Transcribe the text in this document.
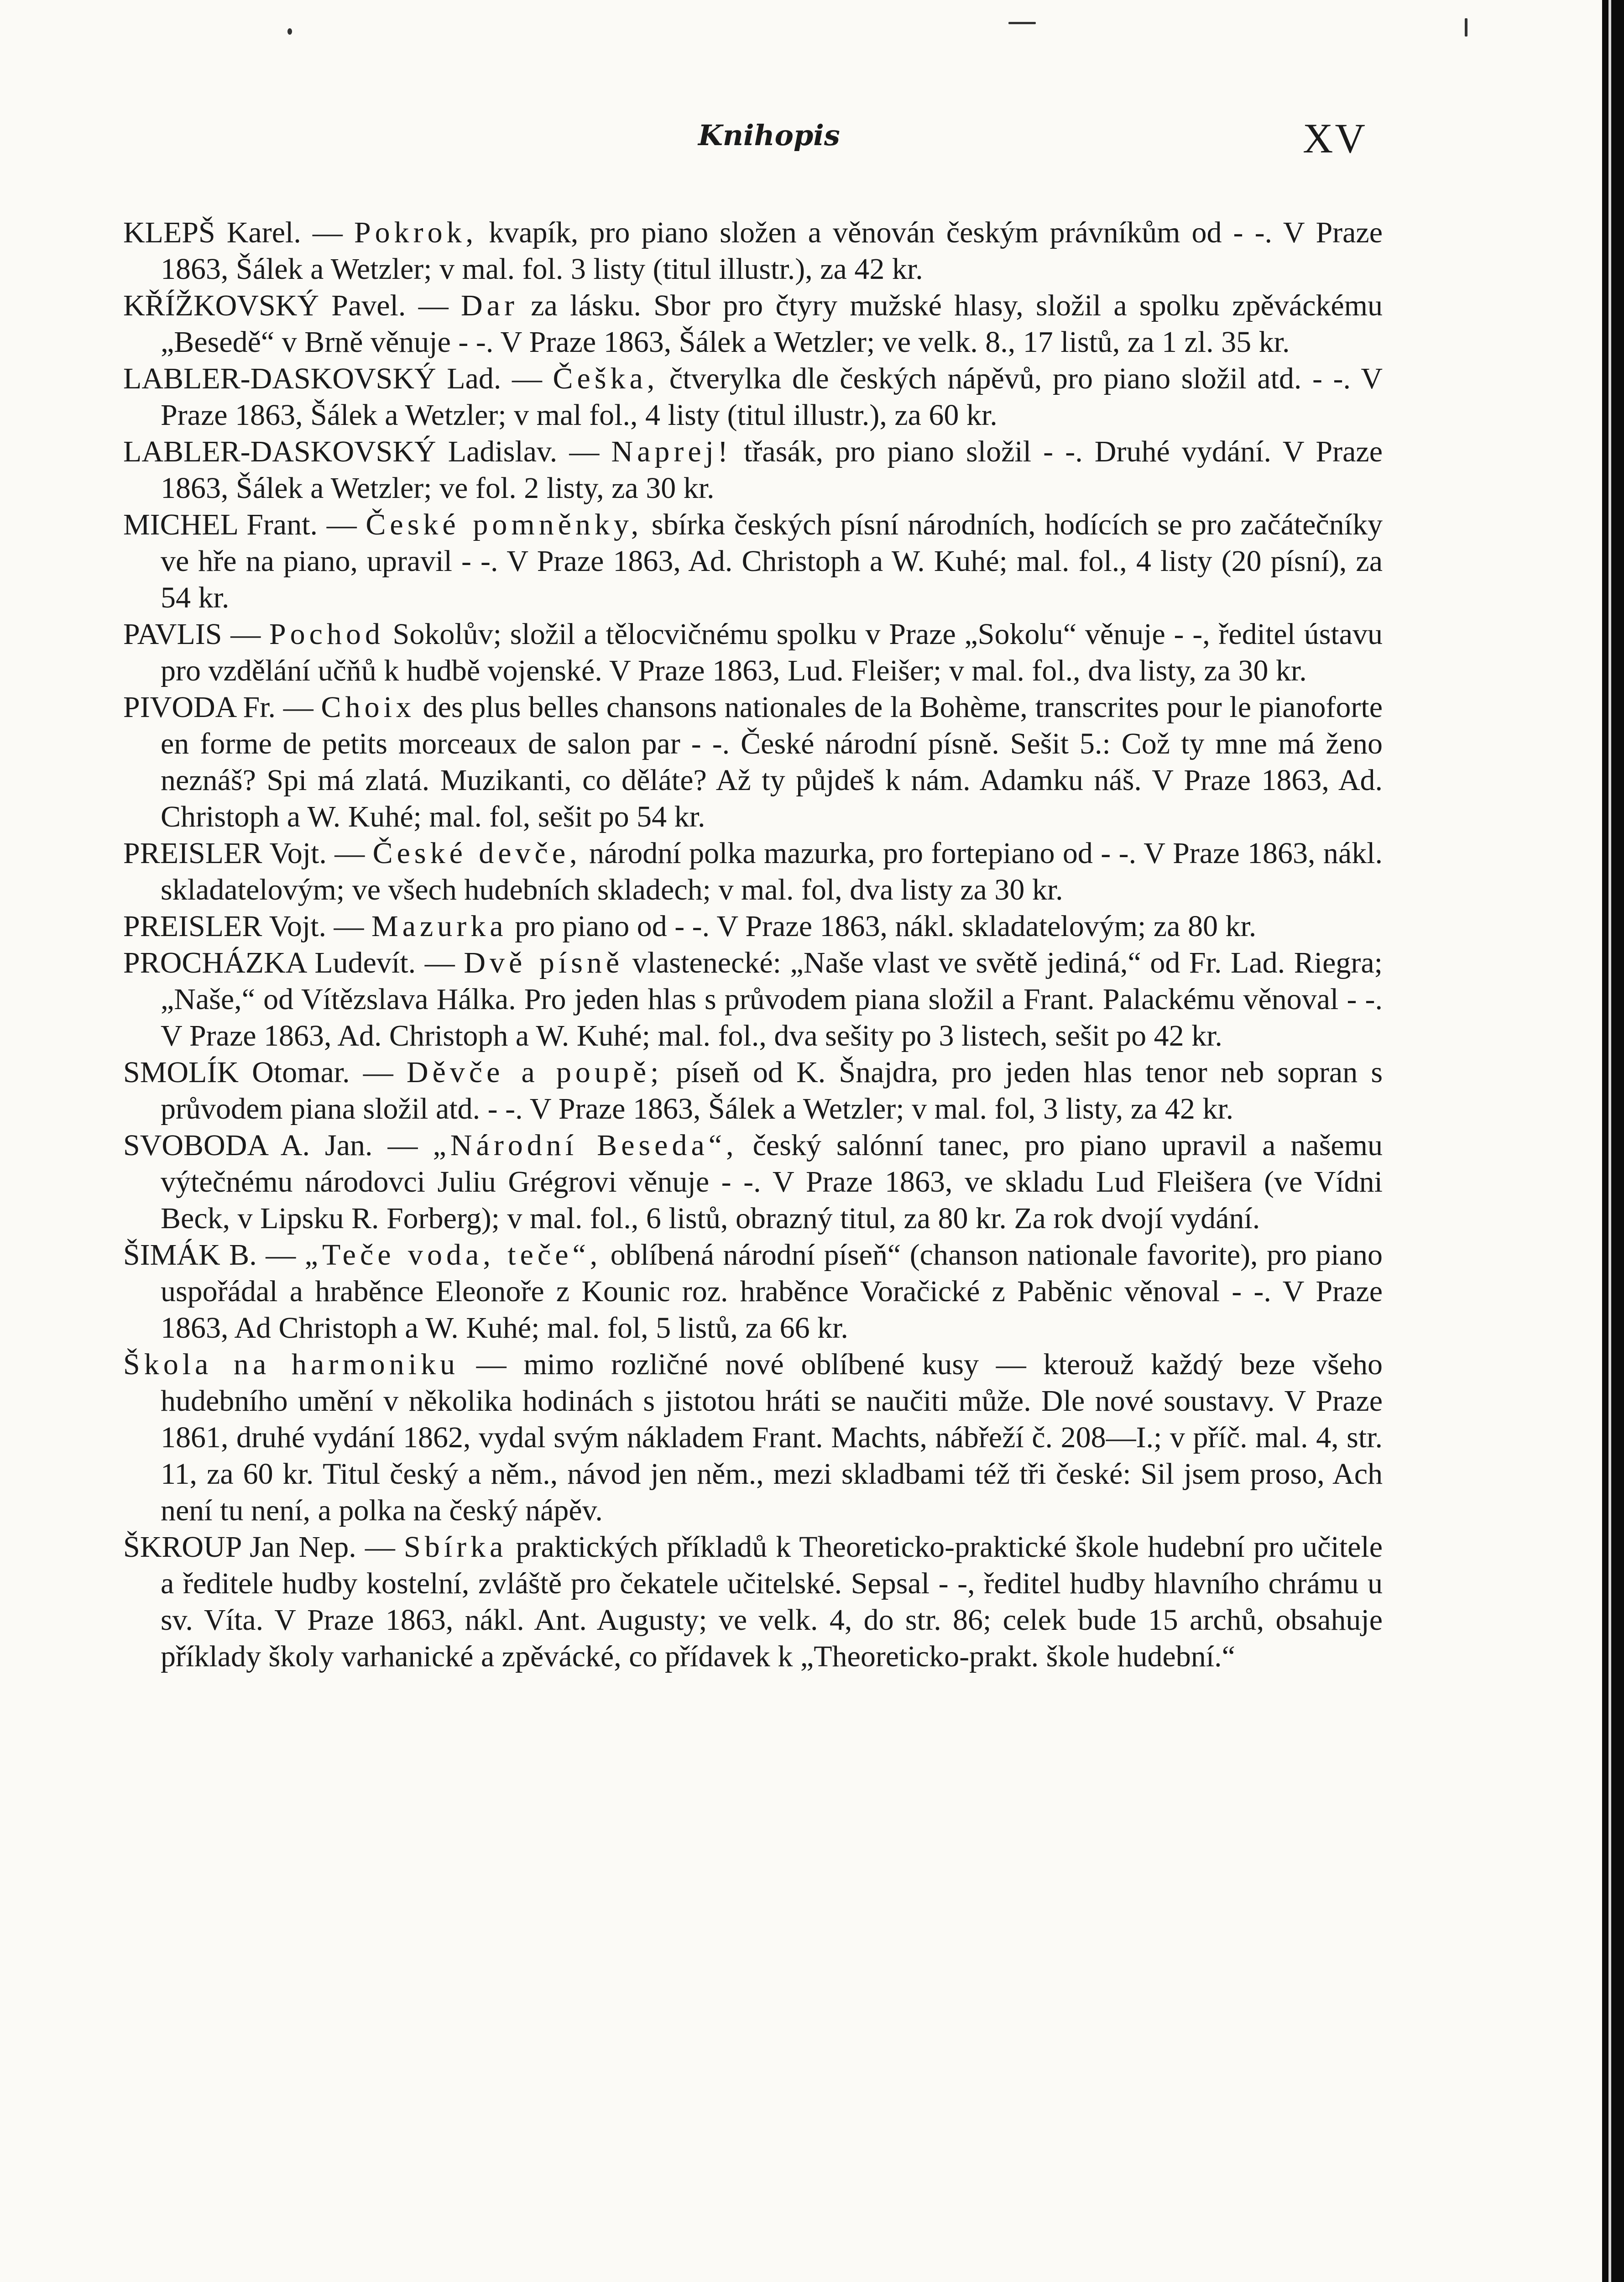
Knihopis	XV

KLEPŠ Karel. — Pokrok, kvapík, pro piano složen a věnován českým právníkům od - -. V Praze 1863, Šálek a Wetzler; v mal. fol. 3 listy (titul illustr.), za 42 kr.

KŘÍŽKOVSKÝ Pavel. — Dar za lásku. Sbor pro čtyry mužské hlasy, složil a spolku zpěváckému „Besedě“ v Brně věnuje - -. V Praze 1863, Šálek a Wetzler; ve velk. 8., 17 listů, za 1 zl. 35 kr.

LABLER-DASKOVSKÝ Lad. — Češka, čtverylka dle českých nápěvů, pro piano složil atd. - -. V Praze 1863, Šálek a Wetzler; v mal fol., 4 listy (titul illustr.), za 60 kr.

LABLER-DASKOVSKÝ Ladislav. — Naprej! třasák, pro piano složil - -. Druhé vydání. V Praze 1863, Šálek a Wetzler; ve fol. 2 listy, za 30 kr.

MICHEL Frant. — České pomněnky, sbírka českých písní národních, hodících se pro začátečníky ve hře na piano, upravil - -. V Praze 1863, Ad. Christoph a W. Kuhé; mal. fol., 4 listy (20 písní), za 54 kr.

PAVLIS — Pochod Sokolův; složil a tělocvičnému spolku v Praze „Sokolu“ věnuje - -, ředitel ústavu pro vzdělání učňů k hudbě vojenské. V Praze 1863, Lud. Fleišer; v mal. fol., dva listy, za 30 kr.

PIVODA Fr. — Choix des plus belles chansons nationales de la Bohème, transcrites pour le pianoforte en forme de petits morceaux de salon par - -. České národní písně. Sešit 5.: Což ty mne má ženo neznáš? Spi má zlatá. Muzikanti, co děláte? Až ty půjdeš k nám. Adamku náš. V Praze 1863, Ad. Christoph a W. Kuhé; mal. fol, sešit po 54 kr.

PREISLER Vojt. — České devče, národní polka mazurka, pro fortepiano od - -. V Praze 1863, nákl. skladatelovým; ve všech hudebních skladech; v mal. fol, dva listy za 30 kr.

PREISLER Vojt. — Mazurka pro piano od - -. V Praze 1863, nákl. skladatelovým; za 80 kr.

PROCHÁZKA Ludevít. — Dvě písně vlastenecké: „Naše vlast ve světě jediná,“ od Fr. Lad. Riegra; „Naše,“ od Vítězslava Hálka. Pro jeden hlas s průvodem piana složil a Frant. Palackému věnoval - -. V Praze 1863, Ad. Christoph a W. Kuhé; mal. fol., dva sešity po 3 listech, sešit po 42 kr.

SMOLÍK Otomar. — Děvče a poupě; píseň od K. Šnajdra, pro jeden hlas tenor neb sopran s průvodem piana složil atd. - -. V Praze 1863, Šálek a Wetzler; v mal. fol, 3 listy, za 42 kr.

SVOBODA A. Jan. — „Národní Beseda“, český salónní tanec, pro piano upravil a našemu výtečnému národovci Juliu Grégrovi věnuje - -. V Praze 1863, ve skladu Lud Fleišera (ve Vídni Beck, v Lipsku R. Forberg); v mal. fol., 6 listů, obrazný titul, za 80 kr. Za rok dvojí vydání.

ŠIMÁK B. — „Teče voda, teče“, oblíbená národní píseň“ (chanson nationale favorite), pro piano uspořádal a hraběnce Eleonoře z Kounic roz. hraběnce Voračické z Paběnic věnoval - -. V Praze 1863, Ad Christoph a W. Kuhé; mal. fol, 5 listů, za 66 kr.

Škola na harmoniku — mimo rozličné nové oblíbené kusy — kterouž každý beze všeho hudebního umění v několika hodinách s jistotou hráti se naučiti může. Dle nové soustavy. V Praze 1861, druhé vydání 1862, vydal svým nákladem Frant. Machts, nábřeží č. 208—I.; v příč. mal. 4, str. 11, za 60 kr. Titul český a něm., návod jen něm., mezi skladbami též tři české: Sil jsem proso, Ach není tu není, a polka na český nápěv.

ŠKROUP Jan Nep. — Sbírka praktických příkladů k Theoreticko-praktické škole hudební pro učitele a ředitele hudby kostelní, zvláště pro čekatele učitelské. Sepsal - -, ředitel hudby hlavního chrámu u sv. Víta. V Praze 1863, nákl. Ant. Augusty; ve velk. 4, do str. 86; celek bude 15 archů, obsahuje příklady školy varhanické a zpěvácké, co přídavek k „Theoreticko-prakt. škole hudební.“
